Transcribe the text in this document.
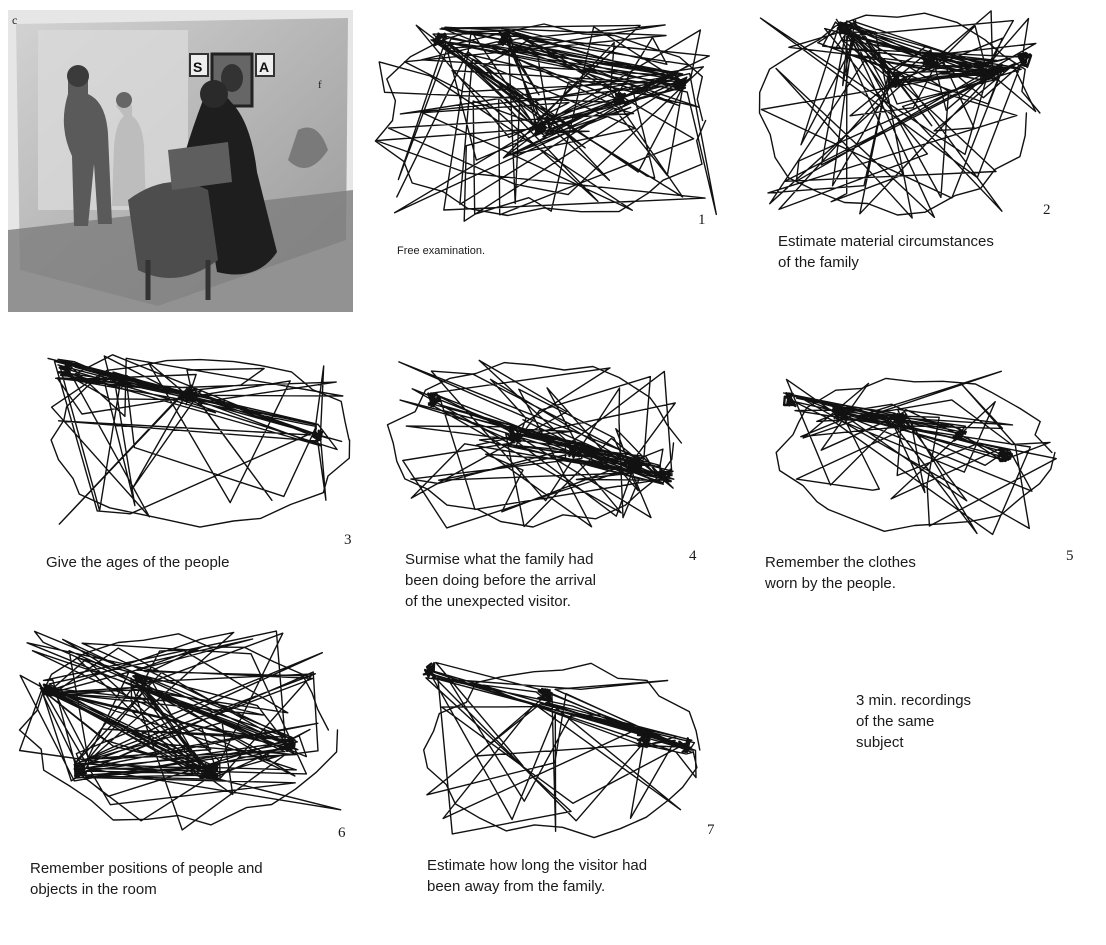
c
S	A
f
1
Free examination.
2
Estimate material circumstances
of the family
3
Give the ages of the people	4
Surmise what the family had
been doing before the arrival
of the unexpected visitor.
5
Remember the clothes
worn by the people.
6
Remember positions of people and
objects in the room
7
Estimate how long the visitor had
been away from the family.
3 min. recordings
of the same
subject
